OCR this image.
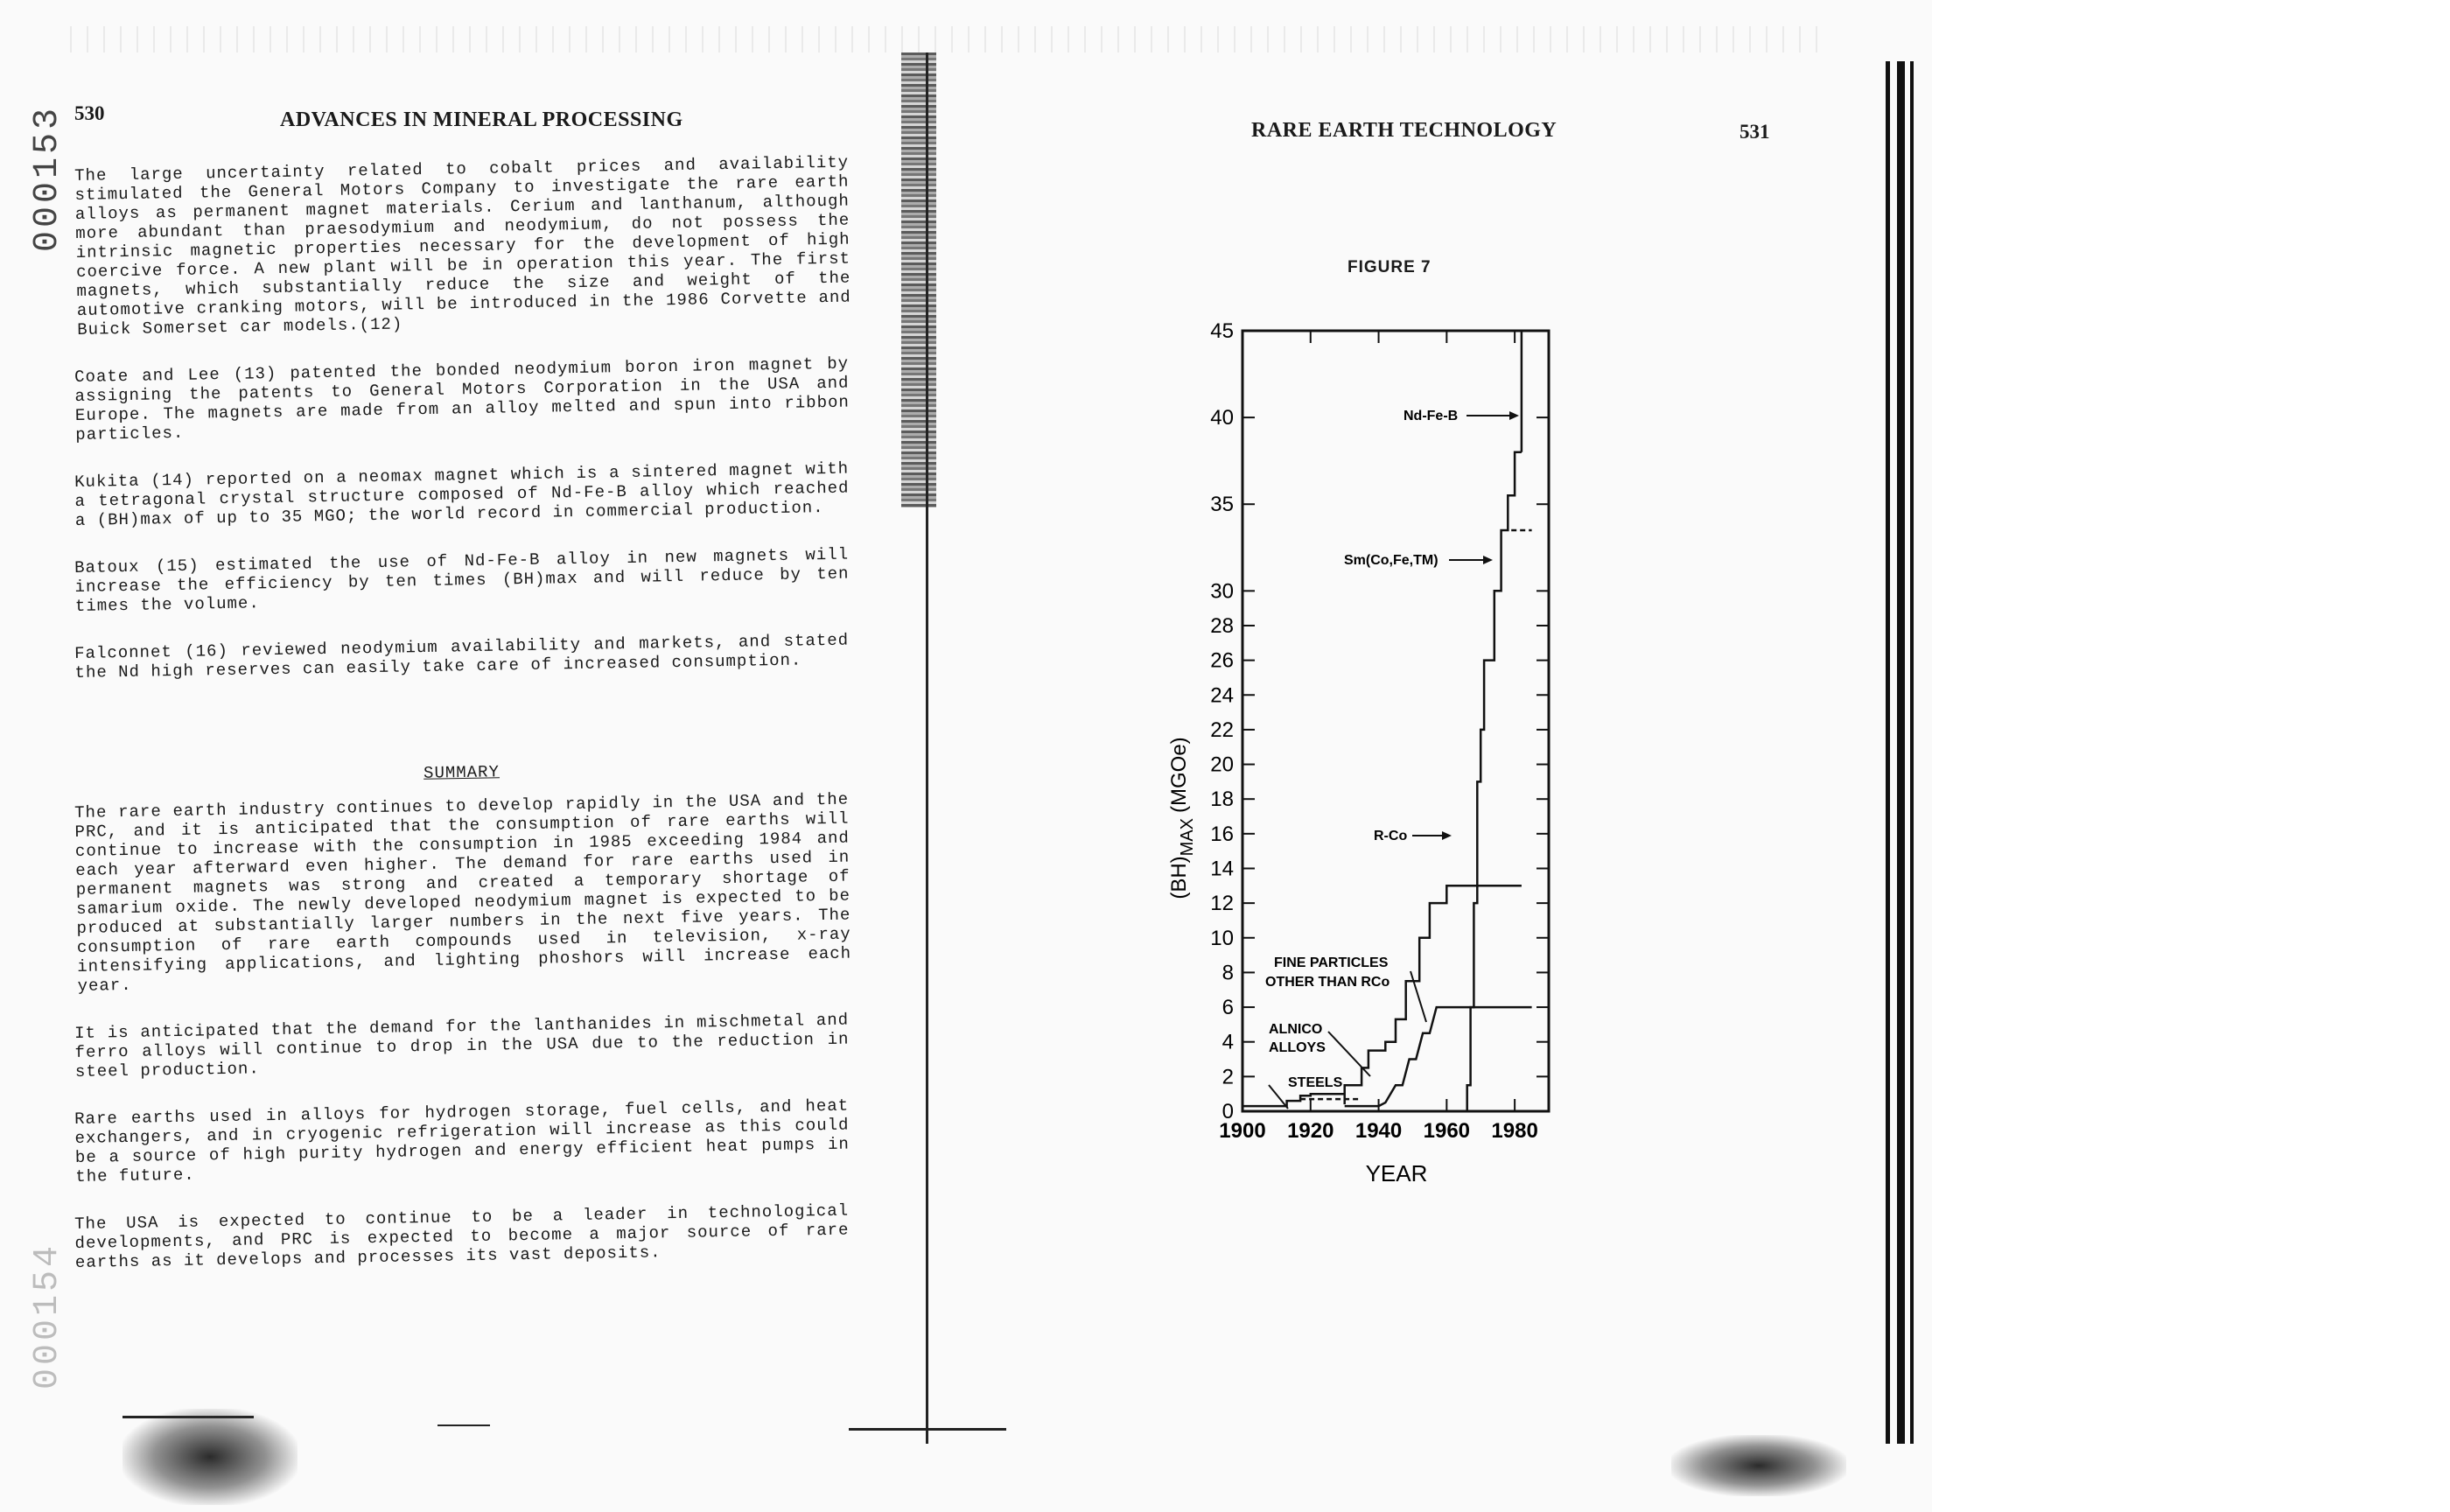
000153
000154
530	ADVANCES IN MINERAL PROCESSING

The large uncertainty related to cobalt prices and availability stimulated the General Motors Company to investigate the rare earth alloys as permanent magnet materials. Cerium and lanthanum, although more abundant than praesodymium and neodymium, do not possess the intrinsic magnetic properties necessary for the development of high coercive force. A new plant will be in operation this year. The first magnets, which substantially reduce the size and weight of the automotive cranking motors, will be introduced in the 1986 Corvette and Buick Somerset car models.(12)

Coate and Lee (13) patented the bonded neodymium boron iron magnet by assigning the patents to General Motors Corporation in the USA and Europe. The magnets are made from an alloy melted and spun into ribbon particles.

Kukita (14) reported on a neomax magnet which is a sintered magnet with a tetragonal crystal structure composed of Nd-Fe-B alloy which reached a (BH)max of up to 35 MGO; the world record in commercial production.

Batoux (15) estimated the use of Nd-Fe-B alloy in new magnets will increase the efficiency by ten times (BH)max and will reduce by ten times the volume.

Falconnet (16) reviewed neodymium availability and markets, and stated the Nd high reserves can easily take care of increased consumption.

SUMMARY

The rare earth industry continues to develop rapidly in the USA and the PRC, and it is anticipated that the consumption of rare earths will continue to increase with the consumption in 1985 exceeding 1984 and each year afterward even higher. The demand for rare earths used in permanent magnets was strong and created a temporary shortage of samarium oxide. The newly developed neodymium magnet is expected to be produced at substantially larger numbers in the next five years. The consumption of rare earth compounds used in television, x-ray intensifying applications, and lighting phoshors will increase each year.

It is anticipated that the demand for the lanthanides in mischmetal and ferro alloys will continue to drop in the USA due to the reduction in steel production.

Rare earths used in alloys for hydrogen storage, fuel cells, and heat exchangers, and in cryogenic refrigeration will increase as this could be a source of high purity hydrogen and energy efficient heat pumps in the future.

The USA is expected to continue to be a leader in technological developments, and PRC is expected to become a major source of rare earths as it develops and processes its vast deposits.

RARE EARTH TECHNOLOGY	531
FIGURE 7
0
2
4
6
8
10
12
14
16
18
20
22
24
26
28
30
35
40
45
1900 1920 1940 1960 1980
Nd-Fe-B
Sm(Co,Fe,TM)
R-Co
FINE PARTICLES
OTHER THAN RCo
ALNICO
ALLOYS
STEELS
$(BH)_{MAX}(MGOe)$
YEAR
